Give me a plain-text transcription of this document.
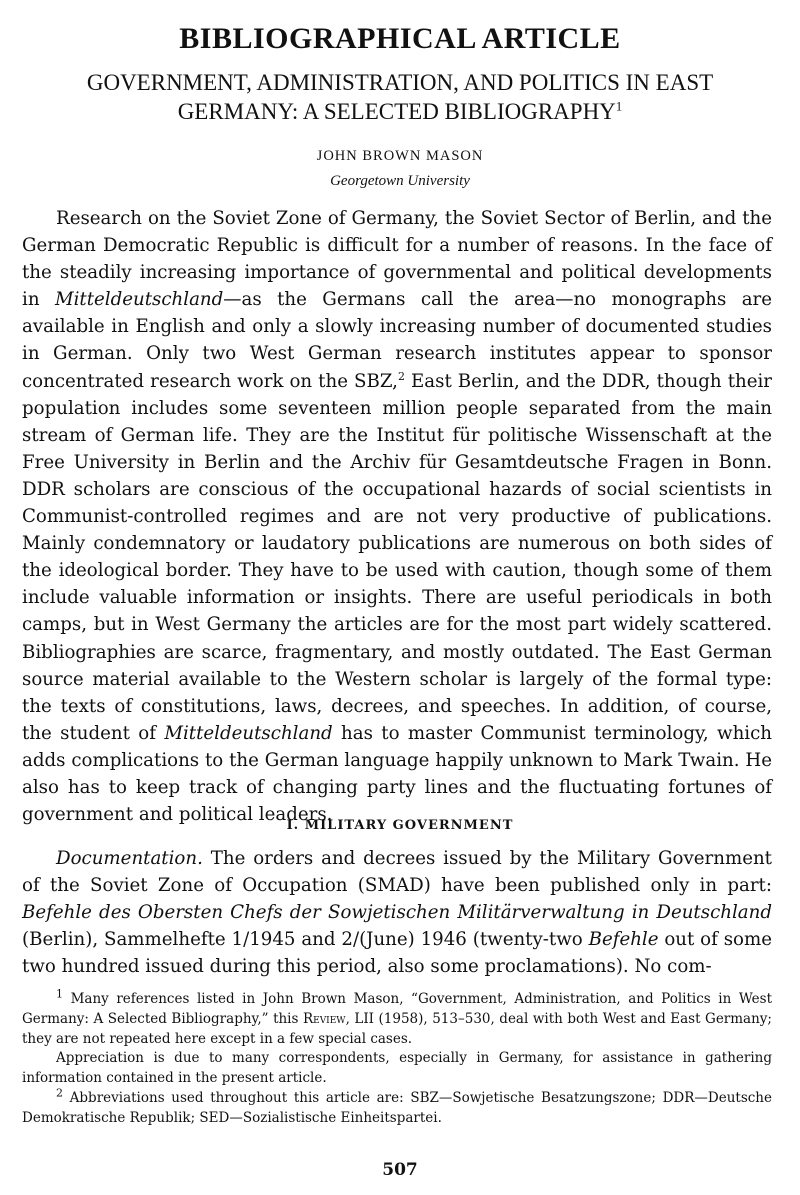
BIBLIOGRAPHICAL ARTICLE
GOVERNMENT, ADMINISTRATION, AND POLITICS IN EAST
GERMANY: A SELECTED BIBLIOGRAPHY$^1$

JOHN BROWN MASON

Georgetown University

Research on the Soviet Zone of Germany, the Soviet Sector of Berlin, and the German Democratic Republic is difficult for a number of reasons. In the face of the steadily increasing importance of governmental and political developments in Mitteldeutschland—as the Germans call the area—no monographs are available in English and only a slowly increasing number of documented studies in German. Only two West German research institutes appear to sponsor concentrated research work on the SBZ,$^2$ East Berlin, and the DDR, though their population includes some seventeen million people separated from the main stream of German life. They are the Institut für politische Wissenschaft at the Free University in Berlin and the Archiv für Gesamtdeutsche Fragen in Bonn. DDR scholars are conscious of the occupational hazards of social scientists in Communist-controlled regimes and are not very productive of publications. Mainly condemnatory or laudatory publications are numerous on both sides of the ideological border. They have to be used with caution, though some of them include valuable information or insights. There are useful periodicals in both camps, but in West Germany the articles are for the most part widely scattered. Bibliographies are scarce, fragmentary, and mostly outdated. The East German source material available to the Western scholar is largely of the formal type: the texts of constitutions, laws, decrees, and speeches. In addition, of course, the student of Mitteldeutschland has to master Communist terminology, which adds complications to the German language happily unknown to Mark Twain. He also has to keep track of changing party lines and the fluctuating fortunes of government and political leaders.

I. MILITARY GOVERNMENT

Documentation. The orders and decrees issued by the Military Government of the Soviet Zone of Occupation (SMAD) have been published only in part: Befehle des Obersten Chefs der Sowjetischen Militärverwaltung in Deutschland (Berlin), Sammelhefte 1/1945 and 2/(June) 1946 (twenty-two Befehle out of some two hundred issued during this period, also some proclamations). No com-

$^1$ Many references listed in John Brown Mason, “Government, Administration, and Politics in West Germany: A Selected Bibliography,” this Review, LII (1958), 513–530, deal with both West and East Germany; they are not repeated here except in a few special cases.

Appreciation is due to many correspondents, especially in Germany, for assistance in gathering information contained in the present article.

$^2$ Abbreviations used throughout this article are: SBZ—Sowjetische Besatzungszone; DDR—Deutsche Demokratische Republik; SED—Sozialistische Einheitspartei.

507
